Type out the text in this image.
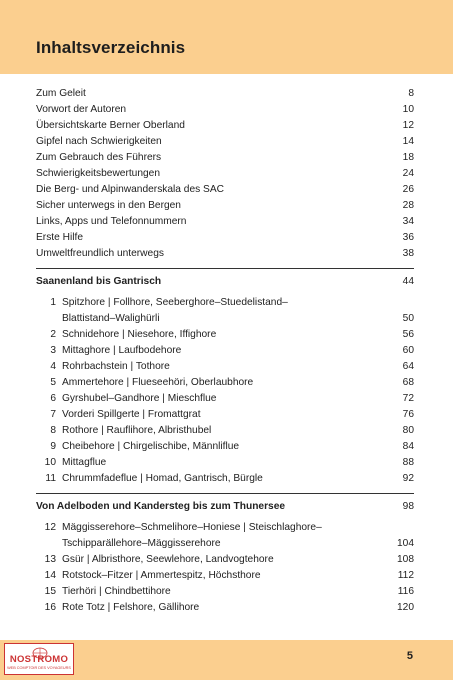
Inhaltsverzeichnis
Zum Geleit	8
Vorwort der Autoren	10
Übersichtskarte Berner Oberland	12
Gipfel nach Schwierigkeiten	14
Zum Gebrauch des Führers	18
Schwierigkeitsbewertungen	24
Die Berg- und Alpinwanderskala des SAC	26
Sicher unterwegs in den Bergen	28
Links, Apps und Telefonnummern	34
Erste Hilfe	36
Umweltfreundlich unterwegs	38
Saanenland bis Gantrisch	44
1 Spitzhore | Follhore, Seeberghore–Stuedelistand–
Blattistand–Walighürli	50
2 Schnidehore | Niesehore, Iffighore	56
3 Mittaghore | Laufbodehore	60
4 Rohrbachstein | Tothore	64
5 Ammertehore | Flueseehöri, Oberlaubhore	68
6 Gyrshubel–Gandhore | Mieschflue	72
7 Vorderi Spillgerte | Fromattgrat	76
8 Rothore | Rauflihore, Albristhubel	80
9 Cheibehore | Chirgelischibe, Männliflue	84
10 Mittagflue	88
11 Chrummfadeflue | Homad, Gantrisch, Bürgle	92
Von Adelboden und Kandersteg bis zum Thunersee	98
12 Mäggisserehore–Schmelihore–Honiese | Steischlaghore–
Tschipparällehore–Mäggisserehore	104
13 Gsür | Albristhore, Seewlehore, Landvogtehore	108
14 Rotstock–Fitzer | Ammertespitz, Höchsthore	112
15 Tierhöri | Chindbettihore	116
16 Rote Totz | Felshore, Gällihore	120
5
NOSTROMO
WEB COMPTOIR DES VOYAGEURS
